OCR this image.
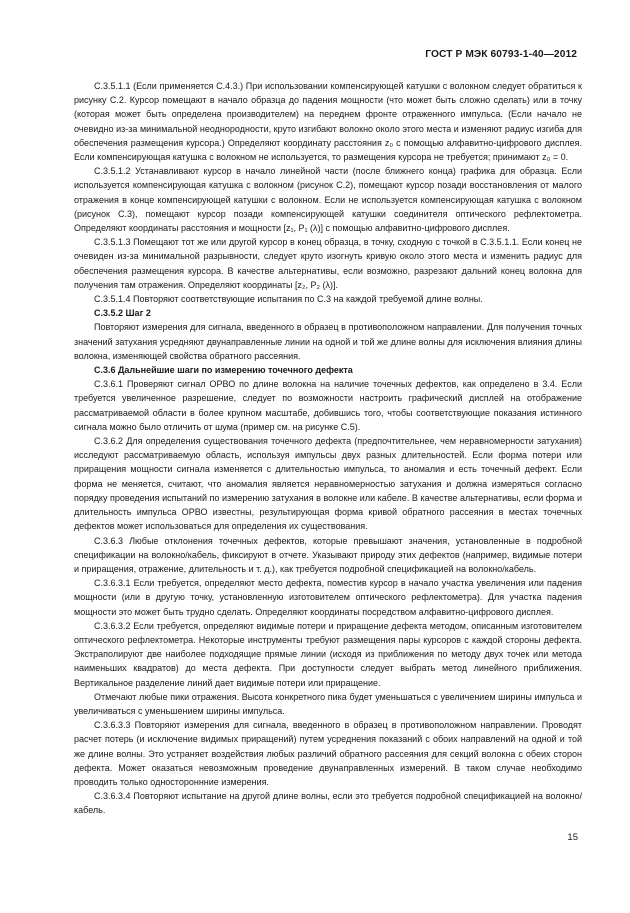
ГОСТ Р МЭК 60793-1-40—2012

С.3.5.1.1 (Если применяется С.4.3.) При использовании компенсирующей катушки с волокном следует обратиться к рисунку С.2. Курсор помещают в начало образца до падения мощности (что может быть сложно сделать) или в точку (которая может быть определена производителем) на переднем фронте отраженного импульса. (Если начало не очевидно из-за минимальной неоднородности, круто изгибают волокно около этого места и изменяют радиус изгиба для обеспечения размещения курсора.) Определяют координату расстояния z₀ с помощью алфавитно-цифрового дисплея. Если компенсирующая катушка с волокном не используется, то размещения курсора не требуется; принимают z₀ = 0.

С.3.5.1.2 Устанавливают курсор в начало линейной части (после ближнего конца) графика для образца. Если используется компенсирующая катушка с волокном (рисунок С.2), помещают курсор позади восстановления от малого отражения в конце компенсирующей катушки с волокном. Если не используется компенсирующая катушка с волокном (рисунок С.3), помещают курсор позади компенсирующей катушки соединителя оптического рефлектометра. Определяют координаты расстояния и мощности [z₁, P₁ (λ)] с помощью алфавитно-цифрового дисплея.

С.3.5.1.3 Помещают тот же или другой курсор в конец образца, в точку, сходную с точкой в С.3.5.1.1. Если конец не очевиден из-за минимальной разрывности, следует круто изогнуть кривую около этого места и изменить радиус для обеспечения размещения курсора. В качестве альтернативы, если возможно, разрезают дальний конец волокна для получения там отражения. Определяют координаты [z₂, P₂ (λ)].

С.3.5.1.4 Повторяют соответствующие испытания по С.3 на каждой требуемой длине волны.

С.3.5.2 Шаг 2

Повторяют измерения для сигнала, введенного в образец в противоположном направлении. Для получения точных значений затухания усредняют двунаправленные линии на одной и той же длине волны для исключения влияния длины волокна, изменяющей свойства обратного рассеяния.

С.3.6 Дальнейшие шаги по измерению точечного дефекта

С.3.6.1 Проверяют сигнал ОРВО по длине волокна на наличие точечных дефектов, как определено в 3.4. Если требуется увеличенное разрешение, следует по возможности настроить графический дисплей на отображение рассматриваемой области в более крупном масштабе, добившись того, чтобы соответствующие показания истинного сигнала можно было отличить от шума (пример см. на рисунке С.5).

С.3.6.2 Для определения существования точечного дефекта (предпочтительнее, чем неравномерности затухания) исследуют рассматриваемую область, используя импульсы двух разных длительностей. Если форма потери или приращения мощности сигнала изменяется с длительностью импульса, то аномалия и есть точечный дефект. Если форма не меняется, считают, что аномалия является неравномерностью затухания и должна измеряться согласно порядку проведения испытаний по измерению затухания в волокне или кабеле. В качестве альтернативы, если форма и длительность импульса ОРВО известны, результирующая форма кривой обратного рассеяния в местах точечных дефектов может использоваться для определения их существования.

С.3.6.3 Любые отклонения точечных дефектов, которые превышают значения, установленные в подробной спецификации на волокно/кабель, фиксируют в отчете. Указывают природу этих дефектов (например, видимые потери и приращения, отражение, длительность и т. д.), как требуется подробной спецификацией на волокно/кабель.

С.3.6.3.1 Если требуется, определяют место дефекта, поместив курсор в начало участка увеличения или падения мощности (или в другую точку, установленную изготовителем оптического рефлектометра). Для участка падения мощности это может быть трудно сделать. Определяют координаты посредством алфавитно-цифрового дисплея.

С.3.6.3.2 Если требуется, определяют видимые потери и приращение дефекта методом, описанным изготовителем оптического рефлектометра. Некоторые инструменты требуют размещения пары курсоров с каждой стороны дефекта. Экстраполируют две наиболее подходящие прямые линии (исходя из приближения по методу двух точек или метода наименьших квадратов) до места дефекта. При доступности следует выбрать метод линейного приближения. Вертикальное разделение линий дает видимые потери или приращение.

Отмечают любые пики отражения. Высота конкретного пика будет уменьшаться с увеличением ширины импульса и увеличиваться с уменьшением ширины импульса.

С.3.6.3.3 Повторяют измерения для сигнала, введенного в образец в противоположном направлении. Проводят расчет потерь (и исключение видимых приращений) путем усреднения показаний с обоих направлений на одной и той же длине волны. Это устраняет воздействия любых различий обратного рассеяния для секций волокна с обеих сторон дефекта. Может оказаться невозможным проведение двунаправленных измерений. В таком случае необходимо проводить только одностороннние измерения.

С.3.6.3.4 Повторяют испытание на другой длине волны, если это требуется подробной спецификацией на волокно/кабель.

15
